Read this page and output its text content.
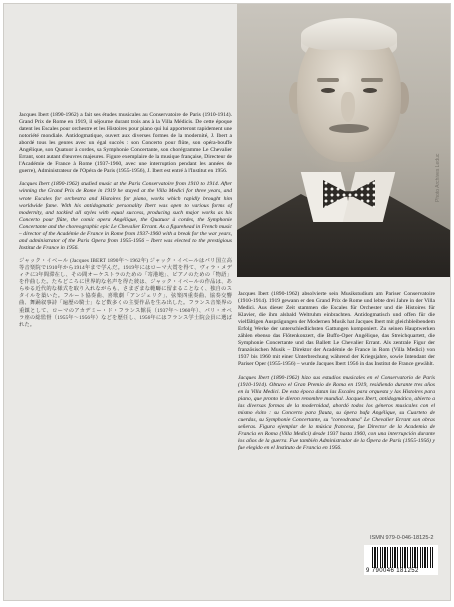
Jacques Ibert (1890-1962) a fait ses études musicales au Conservatoire de Paris (1910-1914). Grand Prix de Rome en 1919, il séjourne durant trois ans à la Villa Médicis. De cette époque datent les Escales pour orchestre et les Histoires pour piano qui lui apporteront rapidement une notoriété mondiale. Antidogmatique, ouvert aux diverses formes de la modernité, J. Ibert a abordé tous les genres avec un égal succès : son Concerto pour flûte, son opéra-bouffe Angélique, son Quatuor à cordes, sa Symphonie Concertante, son chorégramme Le Chevalier Errant, sont autant d'œuvres majeures. Figure exemplaire de la musique française, Directeur de l'Académie de France à Rome (1937-1960, avec une interruption pendant les années de guerre), Administrateur de l'Opéra de Paris (1955-1956), J. Ibert est entré à l'Institut en 1956.

Jacques Ibert (1890-1962) studied music at the Paris Conservatoire from 1910 to 1914. After winning the Grand Prix de Rome in 1919 he stayed at the Villa Medici for three years, and wrote Escales for orchestra and Histoires for piano, works which rapidly brought him worldwide fame. With his antidogmatic personality Ibert was open to various forms of modernity, and tackled all styles with equal success, producing such major works as his Concerto pour flûte, the comic opera Angélique, the Quatuor à cordes, the Symphonie Concertante and the choreographic epic Le Chevalier Errant. As a figurehead in French music – director of the Académie de France in Rome from 1937-1960 with a break for the war years, and administrator of the Paris Opera from 1955-1956 – Ibert was elected to the prestigious Institut de France in 1956.

ジャック・イベール (Jacques IBERT 1890年～1962年) ジャック・イベールはパリ国立高等音楽院で1910年から1914年まで学んだ。1919年にはローマ大賞を得て、ヴィラ・メディチに3年間滞在し、その間オーケストラのための「寄港地」、ピアノのための「物語」を作曲した。たちどころに世界的な名声を得た彼は、ジャック・イベールの作品は、あらゆる近代的な様式を取り入れながらも、さまざまな範疇に留まることなく、独自のスタイルを築いた。フルート協奏曲、喜歌劇「アンジェリク」、弦楽四重奏曲、協奏交響曲、舞踊叙事詩「遍歴の騎士」など数多くの主要作品を生み出した。フランス音楽界の重鎮として、ローマのアカデミー・ド・フランス館長（1937年～1960年）、パリ・オペラ座の総監督（1955年～1956年）などを歴任し、1956年にはフランス学士院会員に選ばれた。

Photo Archives Leduc

Jacques Ibert (1890-1962) absolvierte sein Musikstudium am Pariser Conservatoire (1910-1914). 1919 gewann er den Grand Prix de Rome und lebte drei Jahre in der Villa Medici. Aus dieser Zeit stammen die Escales für Orchester und die Histoires für Klavier, die ihm alsbald Weltruhm einbrachten. Antidogmatisch und offen für die vielfältigen Ausprägungen der Modernen Musik hat Jacques Ibert mit gleichbleibendem Erfolg Werke der unterschiedlichsten Gattungen komponiert. Zu seinen Hauptwerken zählen ebenso das Flötenkonzert, die Buffo-Oper Angélique, das Streichquartett, die Symphonie Concertante und das Ballett Le Chevalier Errant. Als zentrale Figur der französischen Musik – Direktor der Académie de France in Rom (Villa Medici) von 1937 bis 1960 mit einer Unterbrechung während der Kriegsjahre, sowie Intendant der Pariser Oper (1955-1956) – wurde Jacques Ibert 1956 in das Institut de France gewählt.

Jacques Ibert (1890-1962) hizo sus estudios musicales en el Conservatorio de París (1910-1914). Obtuvo el Gran Premio de Roma en 1919, residiendo durante tres años en la Villa Medici. De esta época datan las Escales para orquesta y las Histoires para piano, que pronto le dieron renombre mundial. Jacques Ibert, antidogmático, abierto a las diversas formas de la modernidad, abordó todos los géneros musicales con el mismo éxito : su Concerto para flauta, su ópera bufa Angélique, su Cuarteto de cuerdas, su Symphonie Concertante, su "coreodrama" Le Chevalier Errant son obras señeras. Figura ejemplar de la música francesa, fue Director de la Academia de Francia en Roma (Villa Medici) desde 1937 hasta 1960, con una interrupción durante los años de la guerra. Fue también Administrador de la Ópera de París (1955-1956) y fue elegido en el Instituto de Francia en 1956.

ISMN 979-0-046-18125-2
9 790046 181252
